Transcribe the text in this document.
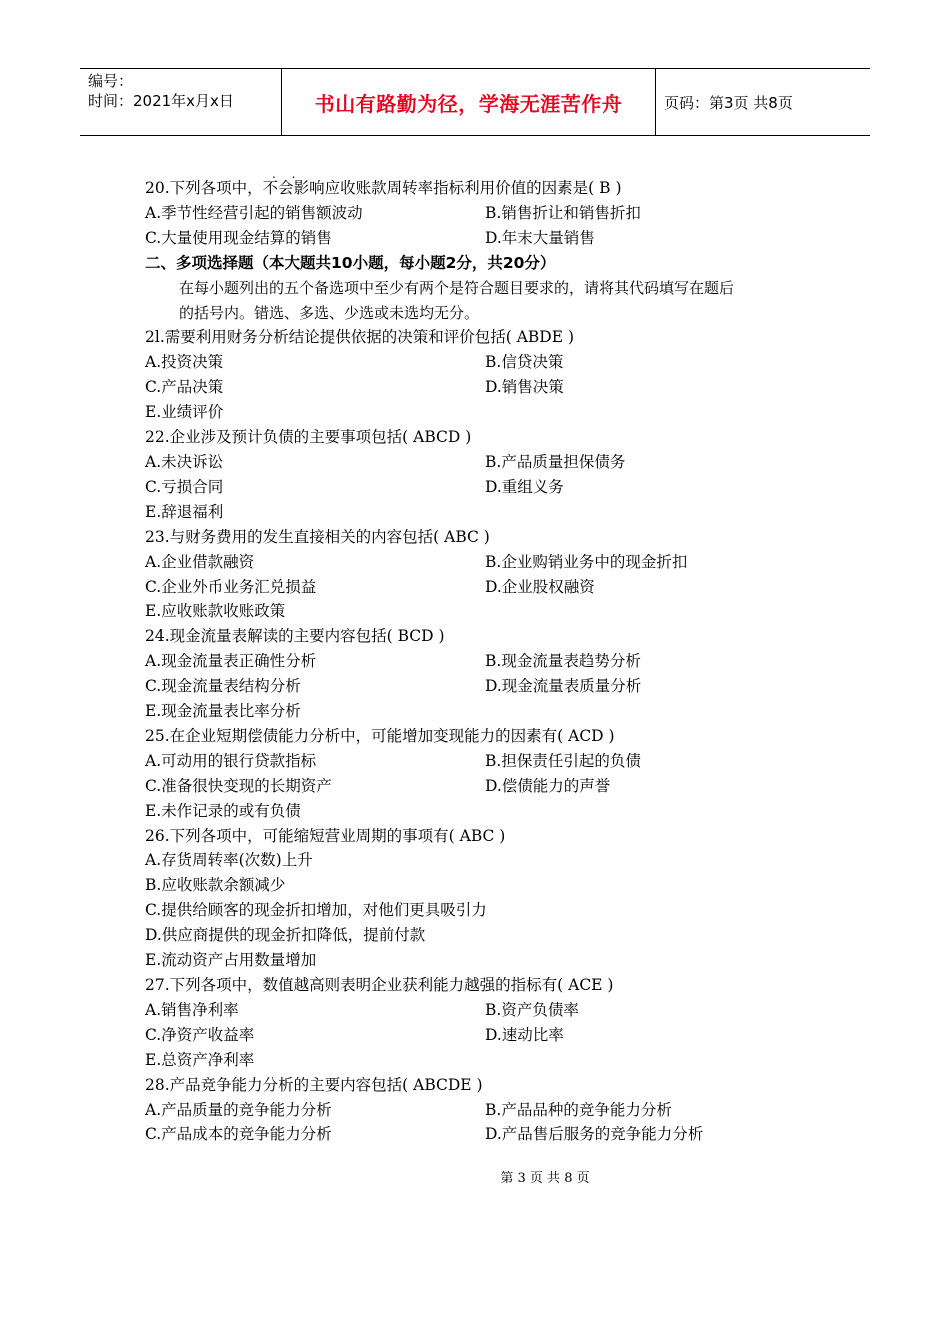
编号：
时间：2021年x月x日	书山有路勤为径，学海无涯苦作舟	页码：第3页 共8页
. .
20.下列各项中，不会影响应收账款周转率指标利用价值的因素是( B )
A.季节性经营引起的销售额波动	B.销售折让和销售折扣
C.大量使用现金结算的销售	D.年末大量销售
二、多项选择题（本大题共10小题，每小题2分，共20分）
在每小题列出的五个备选项中至少有两个是符合题目要求的，请将其代码填写在题后
的括号内。错选、多选、少选或未选均无分。
2l.需要利用财务分析结论提供依据的决策和评价包括( ABDE )
A.投资决策	B.信贷决策
C.产品决策	D.销售决策
E.业绩评价
22.企业涉及预计负债的主要事项包括( ABCD )
A.未决诉讼	B.产品质量担保债务
C.亏损合同	D.重组义务
E.辞退福利
23.与财务费用的发生直接相关的内容包括( ABC )
A.企业借款融资	B.企业购销业务中的现金折扣
C.企业外币业务汇兑损益	D.企业股权融资
E.应收账款收账政策
24.现金流量表解读的主要内容包括( BCD )
A.现金流量表正确性分析	B.现金流量表趋势分析
C.现金流量表结构分析	D.现金流量表质量分析
E.现金流量表比率分析
25.在企业短期偿债能力分析中，可能增加变现能力的因素有( ACD )
A.可动用的银行贷款指标	B.担保责任引起的负债
C.准备很快变现的长期资产	D.偿债能力的声誉
E.未作记录的或有负债
26.下列各项中，可能缩短营业周期的事项有( ABC )
A.存货周转率(次数)上升
B.应收账款余额减少
C.提供给顾客的现金折扣增加，对他们更具吸引力
D.供应商提供的现金折扣降低，提前付款
E.流动资产占用数量增加
27.下列各项中，数值越高则表明企业获利能力越强的指标有( ACE )
A.销售净利率	B.资产负债率
C.净资产收益率	D.速动比率
E.总资产净利率
28.产品竞争能力分析的主要内容包括( ABCDE )
A.产品质量的竞争能力分析	B.产品品种的竞争能力分析
C.产品成本的竞争能力分析	D.产品售后服务的竞争能力分析
第 3 页 共 8 页
